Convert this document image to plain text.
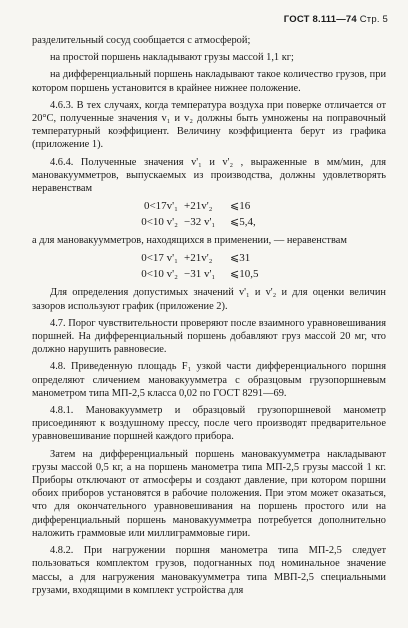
ГОСТ 8.111—74 Стр. 5

разделительный сосуд сообщается с атмосферой;

на простой поршень накладывают грузы массой 1,1 кг;

на дифференциальный поршень накладывают такое количество грузов, при котором поршень установится в крайнее нижнее положение.

4.6.3. В тех случаях, когда температура воздуха при поверке отличается от 20°С, полученные значения v₁ и v₂ должны быть умножены на поправочный температурный коэффициент. Величину коэффициента берут из графика (приложение 1).

4.6.4. Полученные значения v'₁ и v'₂ , выраженные в мм/мин, для мановакуумметров, выпускаемых из производства, должны удовлетворять неравенствам

0<17v'₁ +21v'₂	⩽16
0<10 v'₂ −32 v'₁	⩽5,4,

а для мановакуумметров, находящихся в применении, — неравенствам

0<17 v'₁ +21v'₂	⩽31
0<10 v'₂ −31 v'₁	⩽10,5

Для определения допустимых значений v'₁ и v'₂ и для оценки величин зазоров используют график (приложение 2).

4.7. Порог чувствительности проверяют после взаимного уравновешивания поршней. На дифференциальный поршень добавляют груз массой 20 мг, что должно нарушить равновесие.

4.8. Приведенную площадь F₁ узкой части дифференциального поршня определяют сличением мановакуумметра с образцовым грузопоршневым манометром типа МП-2,5 класса 0,02 по ГОСТ 8291—69.

4.8.1. Мановакуумметр и образцовый грузопоршневой манометр присоединяют к воздушному прессу, после чего производят предварительное уравновешивание поршней каждого прибора.

Затем на дифференциальный поршень мановакуумметра накладывают грузы массой 0,5 кг, а на поршень манометра типа МП-2,5 грузы массой 1 кг. Приборы отключают от атмосферы и создают давление, при котором поршни обоих приборов установятся в рабочие положения. При этом может оказаться, что для окончательного уравновешивания на поршень простого или на дифференциальный поршень мановакуумметра потребуется дополнительно наложить граммовые или миллиграммовые гири.

4.8.2. При нагружении поршня манометра типа МП-2,5 следует пользоваться комплектом грузов, подогнанных под номинальное значение массы, а для нагружения мановакуумметра типа МВП-2,5 специальными грузами, входящими в комплект устройства для
